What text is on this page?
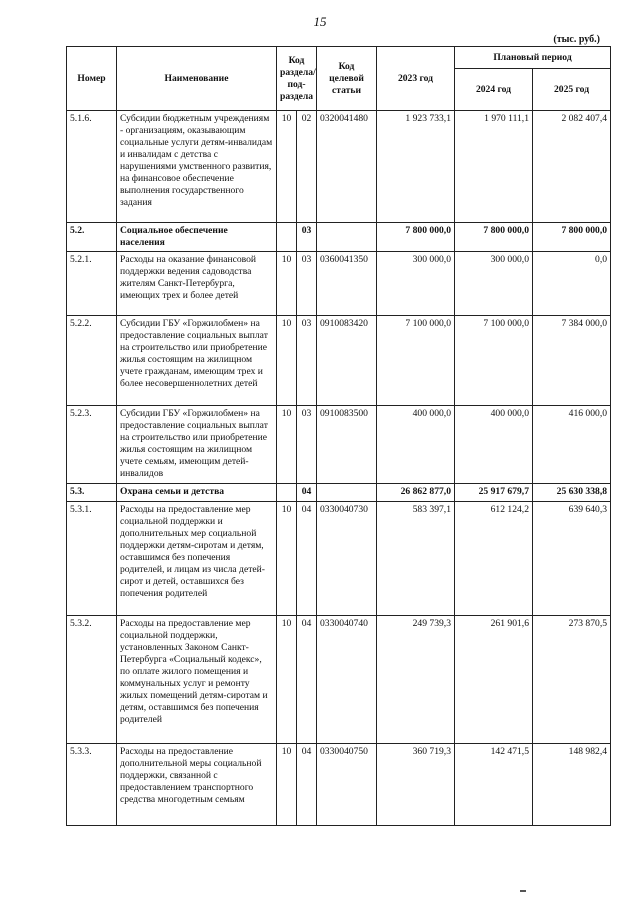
15
(тыс. руб.)
Номер	Наименование	Код раздела/ под- раздела		Код целевой статьи	2023 год	Плановый период	
						2024 год	2025 год
5.1.6.	Субсидии бюджетным учреждениям - организациям, оказывающим социальные услуги детям-инвалидам и инвалидам с детства с нарушениями умственного развития, на финансовое обеспечение выполнения государственного задания	10	02	0320041480	1 923 733,1	1 970 111,1	2 082 407,4
5.2.	Социальное обеспечение населения		03		7 800 000,0	7 800 000,0	7 800 000,0
5.2.1.	Расходы на оказание финансовой поддержки ведения садоводства жителям Санкт-Петербурга, имеющих трех и более детей	10	03	0360041350	300 000,0	300 000,0	0,0
5.2.2.	Субсидии ГБУ «Горжилобмен» на предоставление социальных выплат на строительство или приобретение жилья состоящим на жилищном учете гражданам, имеющим трех и более несовершеннолетних детей	10	03	0910083420	7 100 000,0	7 100 000,0	7 384 000,0
5.2.3.	Субсидии ГБУ «Горжилобмен» на предоставление социальных выплат на строительство или приобретение жилья состоящим на жилищном учете семьям, имеющим детей-инвалидов	10	03	0910083500	400 000,0	400 000,0	416 000,0
5.3.	Охрана семьи и детства		04		26 862 877,0	25 917 679,7	25 630 338,8
5.3.1.	Расходы на предоставление мер социальной поддержки и дополнительных мер социальной поддержки детям-сиротам и детям, оставшимся без попечения родителей, и лицам из числа детей-сирот и детей, оставшихся без попечения родителей	10	04	0330040730	583 397,1	612 124,2	639 640,3
5.3.2.	Расходы на предоставление мер социальной поддержки, установленных Законом Санкт-Петербурга «Социальный кодекс», по оплате жилого помещения и коммунальных услуг и ремонту жилых помещений детям-сиротам и детям, оставшимся без попечения родителей	10	04	0330040740	249 739,3	261 901,6	273 870,5
5.3.3.	Расходы на предоставление дополнительной меры социальной поддержки, связанной с предоставлением транспортного средства многодетным семьям	10	04	0330040750	360 719,3	142 471,5	148 982,4
